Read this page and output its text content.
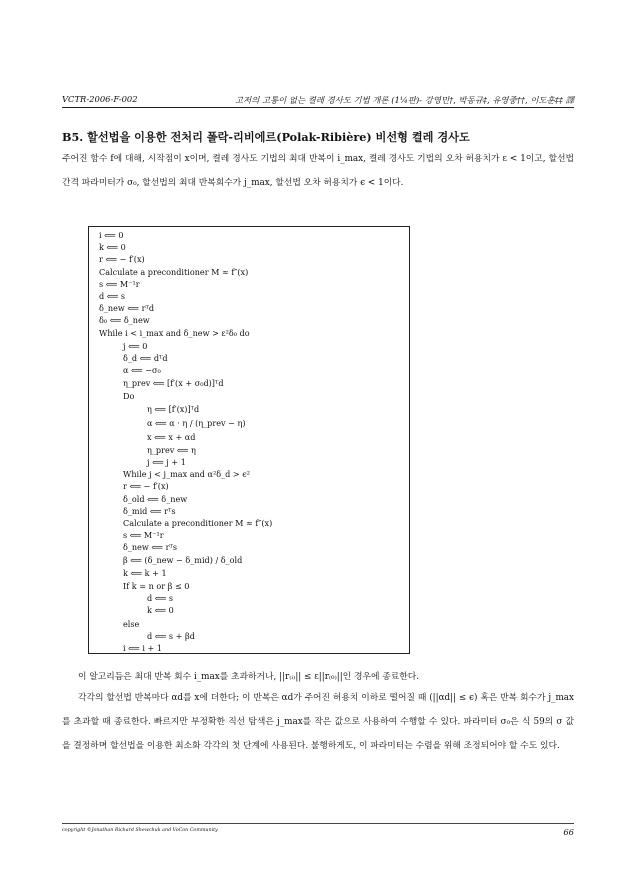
VCTR-2006-F-002	고저의 고통이 없는 켤레 경사도 기법 개론 (1¼판)- 강영민†, 박동규‡, 유영중††, 이도훈‡‡ 譯
B5. 할선법을 이용한 전처리 폴락-리비에르(Polak-Ribière) 비선형 켤레 경사도
주어진 함수 f에 대해, 시작점이 x이며, 켤레 경사도 기법의 최대 반복이 i_max, 켤레 경사도 기법의 오차 허용치가 ε < 1이고, 할선법 간격 파라미터가 σ₀, 할선법의 최대 반복회수가 j_max, 할선법 오차 허용치가 ϵ < 1이다.
i ⟸ 0
k ⟸ 0
r ⟸ − f′(x)
Calculate a preconditioner M ≈ f″(x)
s ⟸ M⁻¹r
d ⟸ s
δ_new ⟸ rᵀd
δ₀ ⟸ δ_new
While i < i_max and δ_new > ε²δ₀ do
j ⟸ 0
δ_d ⟸ dᵀd
α ⟸ −σ₀
η_prev ⟸ [f′(x + σ₀d)]ᵀd
Do
η ⟸ [f′(x)]ᵀd
α ⟸ α · η / (η_prev − η)
x ⟸ x + αd
η_prev ⟸ η
j ⟸ j + 1
While j < j_max and α²δ_d > ϵ²
r ⟸ − f′(x)
δ_old ⟸ δ_new
δ_mid ⟸ rᵀs
Calculate a preconditioner M ≈ f″(x)
s ⟸ M⁻¹r
δ_new ⟸ rᵀs
β ⟸ (δ_new − δ_mid) / δ_old
k ⟸ k + 1
If k = n or β ≤ 0
d ⟸ s
k ⟸ 0
else
d ⟸ s + βd
i ⟸ i + 1
이 알고리듬은 최대 반복 회수 i_max를 초과하거나, ||r₍ᵢ₎|| ≤ ε||r₍₀₎||인 경우에 종료한다.
각각의 할선법 반복마다 αd를 x에 더한다; 이 반복은 αd가 주어진 허용치 이하로 떨어질 때 (||αd|| ≤ ϵ) 혹은 반복 회수가 j_max를 초과할 때 종료한다. 빠르지만 부정확한 직선 탐색은 j_max를 작은 값으로 사용하여 수행할 수 있다. 파라미터 σ₀은 식 59의 σ 값을 결정하며 할선법을 이용한 최소화 각각의 첫 단계에 사용된다. 불행하게도, 이 파라미터는 수렴을 위해 조정되어야 할 수도 있다.
copyright ©Jonathan Richard Shewchuk and VoCon Community	66
